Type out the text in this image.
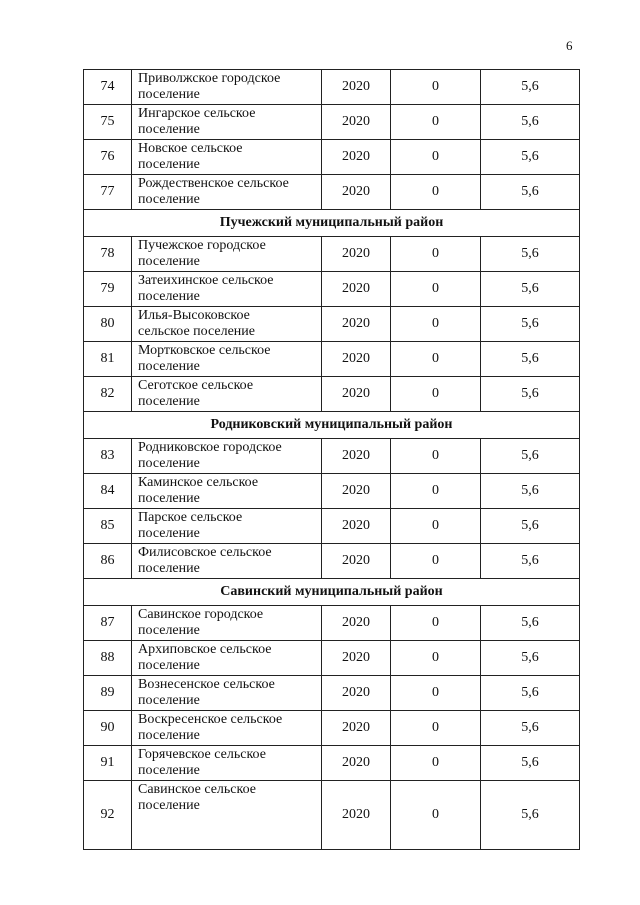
6
74	Приволжское городское
поселение	2020	0	5,6
75	Ингарское сельское
поселение	2020	0	5,6
76	Новское сельское
поселение	2020	0	5,6
77	Рождественское сельское
поселение	2020	0	5,6
Пучежский муниципальный район				
78	Пучежское городское
поселение	2020	0	5,6
79	Затеихинское сельское
поселение	2020	0	5,6
80	Илья-Высоковское
сельское поселение	2020	0	5,6
81	Мортковское сельское
поселение	2020	0	5,6
82	Сеготское сельское
поселение	2020	0	5,6
Родниковский муниципальный район				
83	Родниковское городское
поселение	2020	0	5,6
84	Каминское сельское
поселение	2020	0	5,6
85	Парское сельское
поселение	2020	0	5,6
86	Филисовское сельское
поселение	2020	0	5,6
Савинский муниципальный район				
87	Савинское городское
поселение	2020	0	5,6
88	Архиповское сельское
поселение	2020	0	5,6
89	Вознесенское сельское
поселение	2020	0	5,6
90	Воскресенское сельское
поселение	2020	0	5,6
91	Горячевское сельское
поселение	2020	0	5,6
92	Савинское сельское
поселение	2020	0	5,6
